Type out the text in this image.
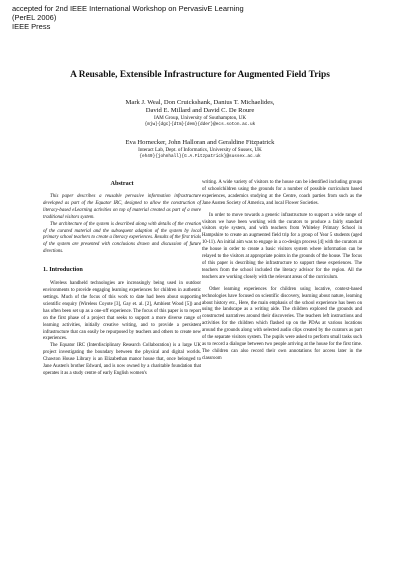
accepted for 2nd IEEE International Workshop on PervasivE Learning (PerEL 2006)
IEEE Press
A Reusable, Extensible Infrastructure for Augmented Field Trips
Mark J. Weal, Don Cruickshank, Danius T. Michaelides,
David E. Millard and David C. De Roure
IAM Group, University of Southampton, UK
{mjw}{dgc}{dtm}{dem}{dder}@ecs.soton.ac.uk
Eva Hornecker, John Halloran and Geraldine Fitzpatrick
Interact Lab, Dept. of Informatics, University of Sussex, UK
{eh49}{johnhall}{G.A.Fitzpatrick}@sussex.ac.uk
Abstract

This paper describes a reusable pervasive information infrastructure developed as part of the Equator IRC, designed to allow the construction of literacy-based eLearning activities on top of material created as part of a more traditional visitors system.

The architecture of the system is described along with details of the creation of the curated material and the subsequent adaption of the system by local primary school teachers to create a literacy experiences. Results of the first trials of the system are presented with conclusions drawn and discussion of future directions.

1. Introduction

Wireless handheld technologies are increasingly being used in outdoor environments to provide engaging learning experiences for children in authentic settings. Much of the focus of this work to date had been about supporting scientific enquiry (Wireless Coyote [3], Gay et. al. [2], Ambient Wood [5]) and has often been set up as a one-off experience. The focus of this paper is to report on the first phase of a project that seeks to support a more diverse range of learning activities, initially creative writing, and to provide a persistent infrastructure that can easily be repurposed by teachers and others to create new experiences.

The Equator IRC (Interdisciplinary Research Collaboration) is a large UK project investigating the boundary between the physical and digital worlds. Chawton House Library is an Elizabethan manor house that, once belonged to Jane Austen's brother Edward, and is now owned by a charitable foundation that operates it as a study centre of early English women's

writing. A wide variety of visitors to the house can be identified including groups of schoolchildren using the grounds for a number of possible curriculum based experiences, academics studying at the Centre, coach parties from such as the Jane Austen Society of America, and local Flower Societies.

In order to move towards a generic infrastructure to support a wide range of visitors we have been working with the curators to produce a fairly standard visitors style system, and with teachers from Whiteley Primary School in Hampshire to create an augmented field trip for a group of Year 5 students (aged 10-11). An initial aim was to engage in a co-design process [4] with the curators at the house in order to create a basic visitors system where information can be relayed to the visitors at appropriate points in the grounds of the house. The focus of this paper is describing the infrastructure to support these experiences. The teachers from the school included the literacy advisor for the region. All the teachers are working closely with the relevant areas of the curriculum.

Other learning experiences for children using locative, context-based technologies have focused on scientific discovery, learning about nature, learning about history etc., Here, the main emphasis of the school experience has been on using the landscape as a writing aide. The children explored the grounds and constructed narratives around their discoveries. The teachers left instructions and activities for the children which flashed up on the PDAs at various locations around the grounds along with selected audio clips created by the curators as part of the separate visitors system. The pupils were asked to perform small tasks such as to record a dialogue between two people arriving at the house for the first time. The children can also record their own annotations for access later in the classroom
